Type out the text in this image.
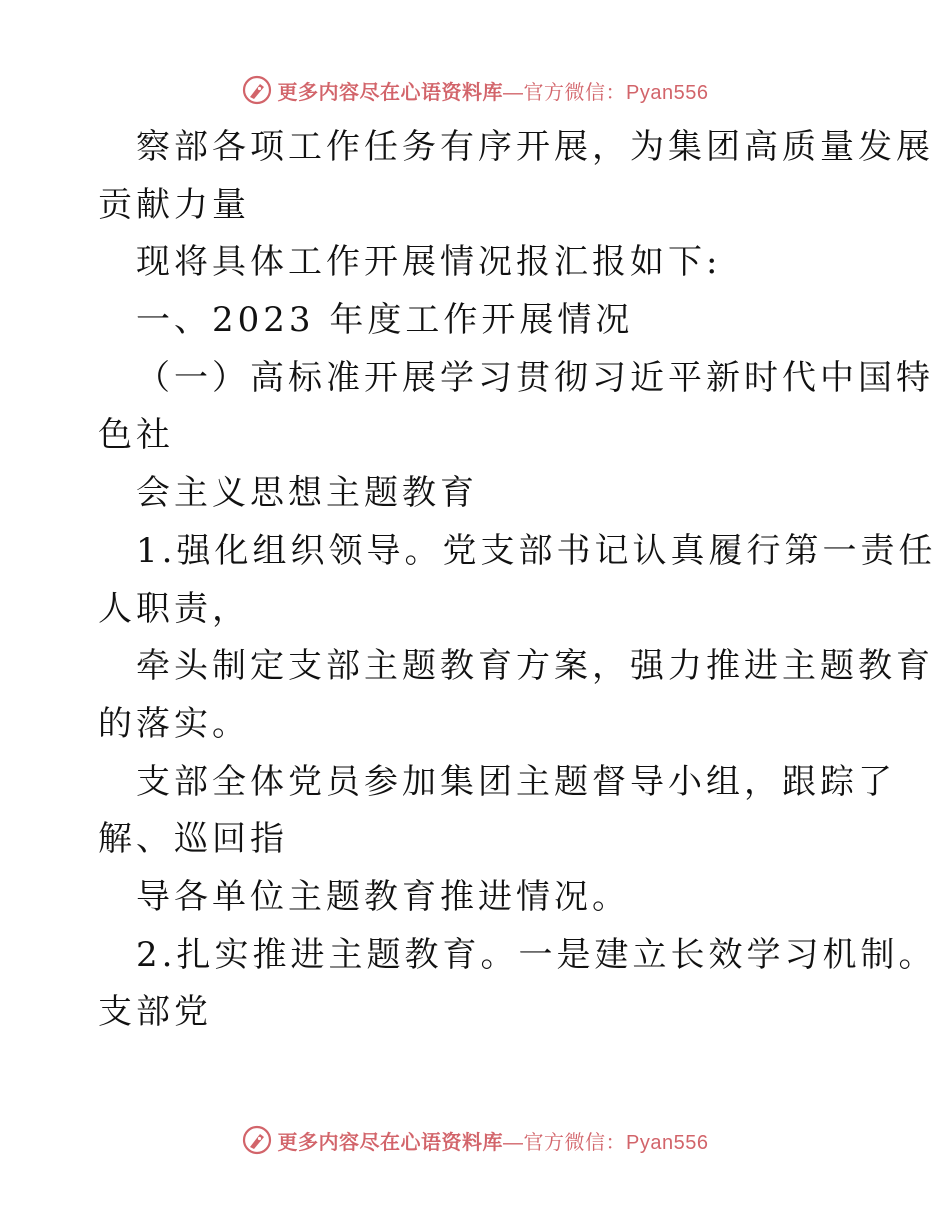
更多内容尽在心语资料库—官方微信：Pyan556
察部各项工作任务有序开展，为集团高质量发展
贡献力量
现将具体工作开展情况报汇报如下:
一、2023 年度工作开展情况
（一）高标准开展学习贯彻习近平新时代中国特
色社
会主义思想主题教育
1.强化组织领导。党支部书记认真履行第一责任
人职责，
牵头制定支部主题教育方案，强力推进主题教育
的落实。
支部全体党员参加集团主题督导小组，跟踪了
解、巡回指
导各单位主题教育推进情况。
2.扎实推进主题教育。一是建立长效学习机制。
支部党
更多内容尽在心语资料库—官方微信：Pyan556
